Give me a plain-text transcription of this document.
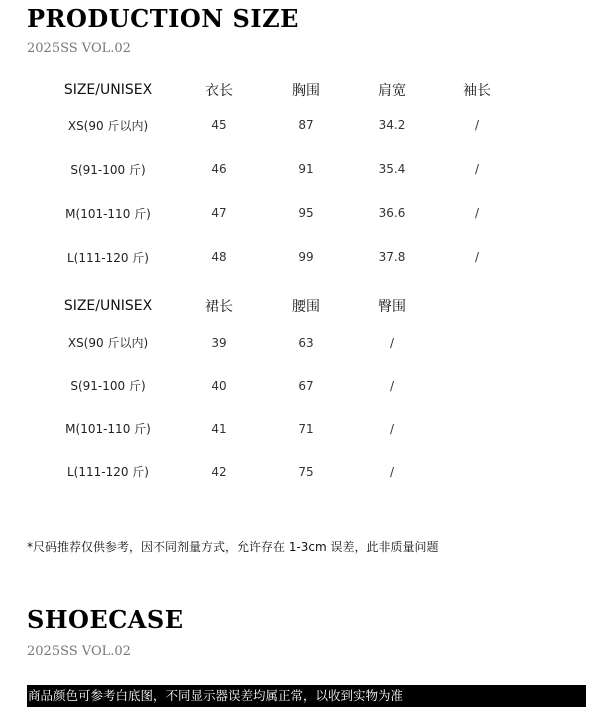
PRODUCTION SIZE

2025SS VOL.02

SIZE/UNISEX	衣长	胸围	肩宽	袖长
XS(90 斤以内)	45	87	34.2	/
S(91-100 斤)	46	91	35.4	/
M(101-110 斤)	47	95	36.6	/
L(111-120 斤)	48	99	37.8	/
SIZE/UNISEX	裙长	腰围	臀围	
XS(90 斤以内)	39	63	/	
S(91-100 斤)	40	67	/	
M(101-110 斤)	41	71	/	
L(111-120 斤)	42	75	/	

*尺码推荐仅供参考，因不同剂量方式，允许存在 1-3cm 误差，此非质量问题

SHOECASE

2025SS VOL.02

商品颜色可参考白底图，不同显示器误差均属正常，以收到实物为准
